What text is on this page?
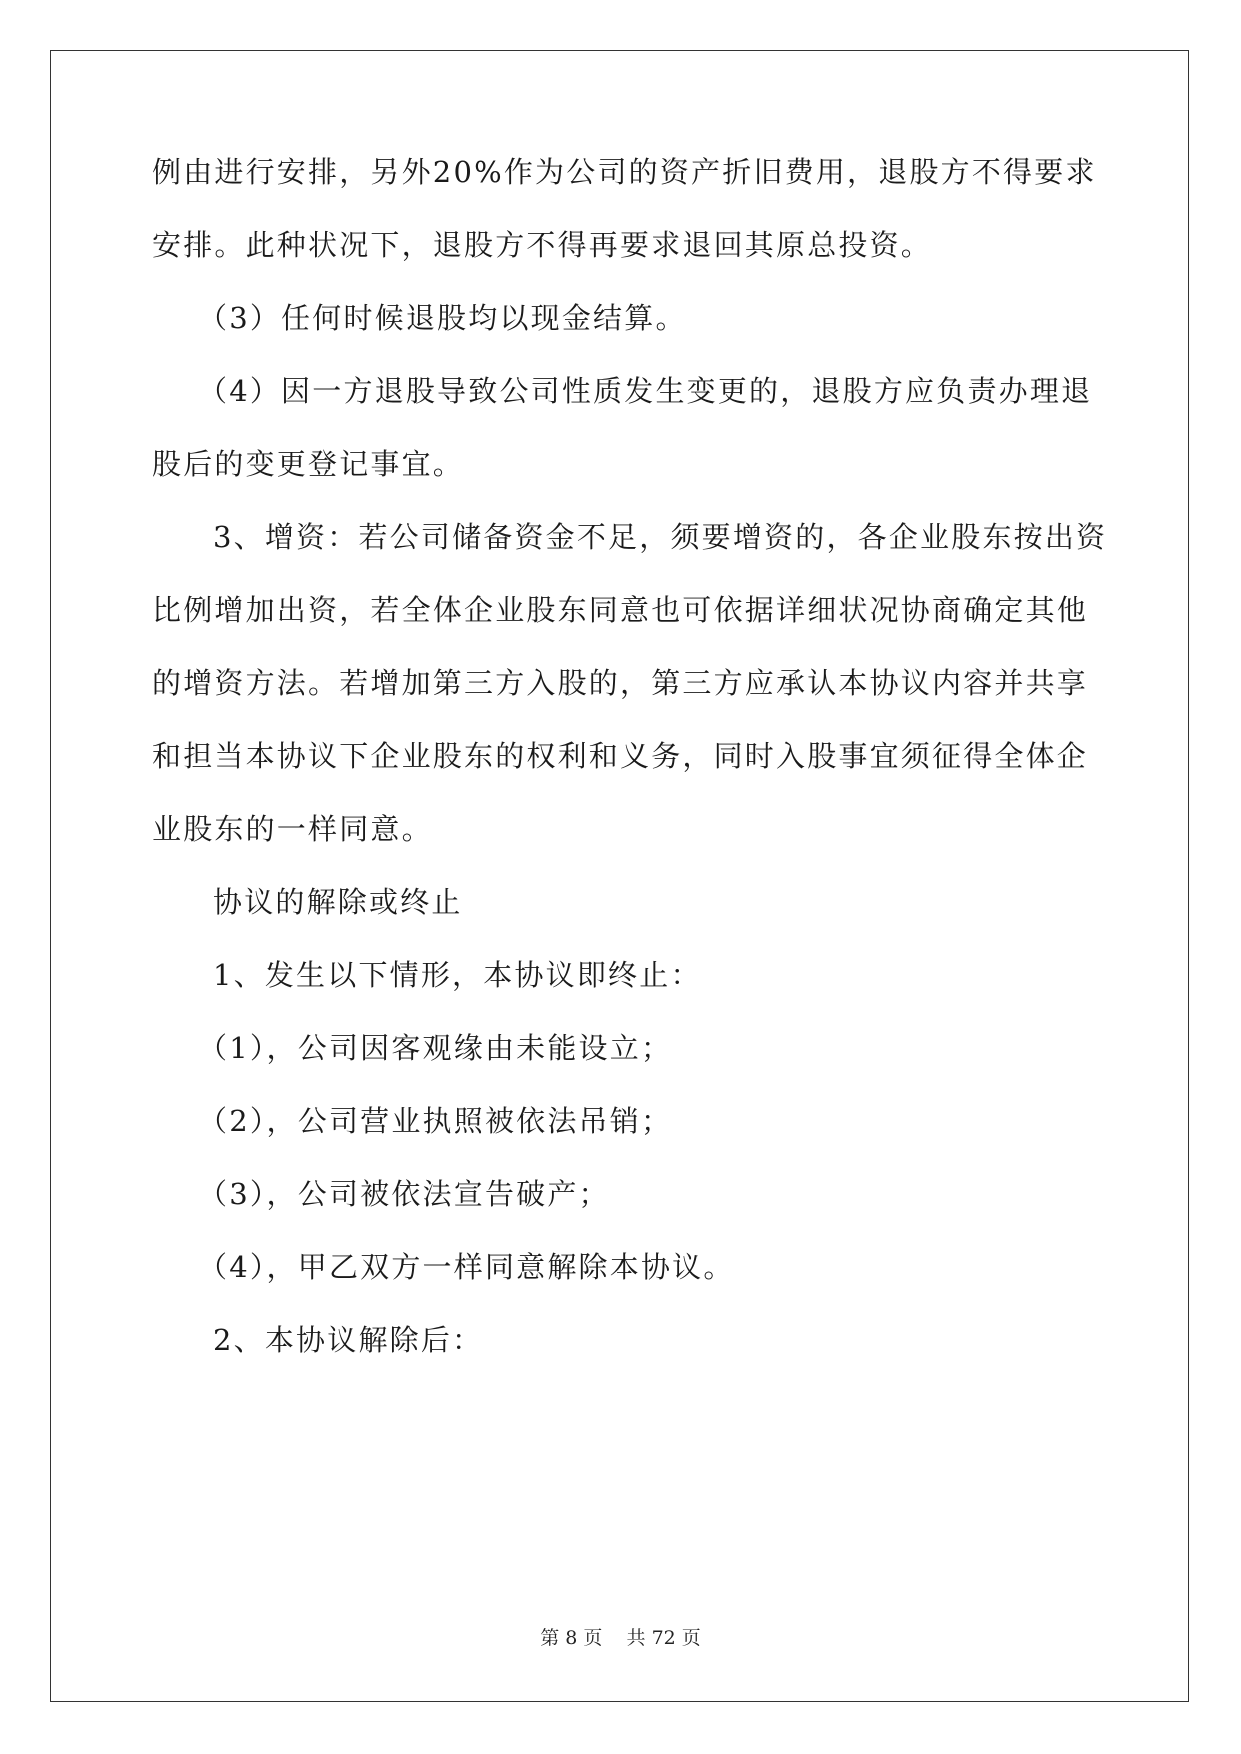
例由进行安排，另外20%作为公司的资产折旧费用，退股方不得要求
安排。此种状况下，退股方不得再要求退回其原总投资。
（3）任何时候退股均以现金结算。
（4）因一方退股导致公司性质发生变更的，退股方应负责办理退
股后的变更登记事宜。
3、增资：若公司储备资金不足，须要增资的，各企业股东按出资
比例增加出资，若全体企业股东同意也可依据详细状况协商确定其他
的增资方法。若增加第三方入股的，第三方应承认本协议内容并共享
和担当本协议下企业股东的权利和义务，同时入股事宜须征得全体企
业股东的一样同意。
协议的解除或终止
1、发生以下情形，本协议即终止：
（1），公司因客观缘由未能设立；
（2），公司营业执照被依法吊销；
（3），公司被依法宣告破产；
（4），甲乙双方一样同意解除本协议。
2、本协议解除后：
第 8 页    共 72 页
